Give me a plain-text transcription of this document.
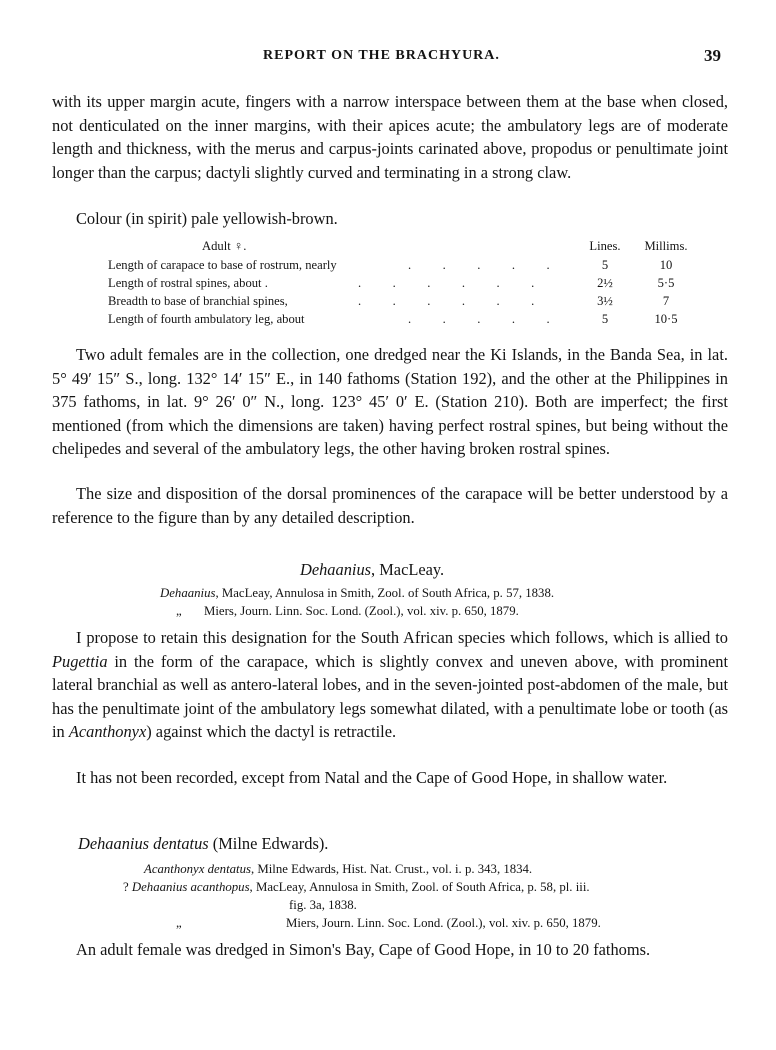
REPORT ON THE BRACHYURA.	39

with its upper margin acute, fingers with a narrow interspace between them at the base when closed, not denticulated on the inner margins, with their apices acute; the ambulatory legs are of moderate length and thickness, with the merus and carpus-joints carinated above, propodus or penultimate joint longer than the carpus; dactyli slightly curved and terminating in a strong claw.

Colour (in spirit) pale yellowish-brown.

Adult ♀.	Lines.	Millims.
Length of carapace to base of rostrum, nearly	.          .          .          .          .	5	10
Length of rostral spines, about .	.          .          .          .          .          .	2½	5·5
Breadth to base of branchial spines,	.          .          .          .          .          .	3½	7
Length of fourth ambulatory leg, about	.          .          .          .          .	5	10·5

Two adult females are in the collection, one dredged near the Ki Islands, in the Banda Sea, in lat. 5° 49′ 15″ S., long. 132° 14′ 15″ E., in 140 fathoms (Station 192), and the other at the Philippines in 375 fathoms, in lat. 9° 26′ 0″ N., long. 123° 45′ 0′ E. (Station 210). Both are imperfect; the first mentioned (from which the dimensions are taken) having perfect rostral spines, but being without the chelipedes and several of the ambulatory legs, the other having broken rostral spines.

The size and disposition of the dorsal prominences of the carapace will be better understood by a reference to the figure than by any detailed description.

Dehaanius, MacLeay.
Dehaanius, MacLeay, Annulosa in Smith, Zool. of South Africa, p. 57, 1838.
„ Miers, Journ. Linn. Soc. Lond. (Zool.), vol. xiv. p. 650, 1879.

I propose to retain this designation for the South African species which follows, which is allied to Pugettia in the form of the carapace, which is slightly convex and uneven above, with prominent lateral branchial as well as antero-lateral lobes, and in the seven-jointed post-abdomen of the male, but has the penultimate joint of the ambulatory legs somewhat dilated, with a penultimate lobe or tooth (as in Acanthonyx) against which the dactyl is retractile.

It has not been recorded, except from Natal and the Cape of Good Hope, in shallow water.

Dehaanius dentatus (Milne Edwards).
Acanthonyx dentatus, Milne Edwards, Hist. Nat. Crust., vol. i. p. 343, 1834.
? Dehaanius acanthopus, MacLeay, Annulosa in Smith, Zool. of South Africa, p. 58, pl. iii.
fig. 3a, 1838.
„	Miers, Journ. Linn. Soc. Lond. (Zool.), vol. xiv. p. 650, 1879.

An adult female was dredged in Simon's Bay, Cape of Good Hope, in 10 to 20 fathoms.
